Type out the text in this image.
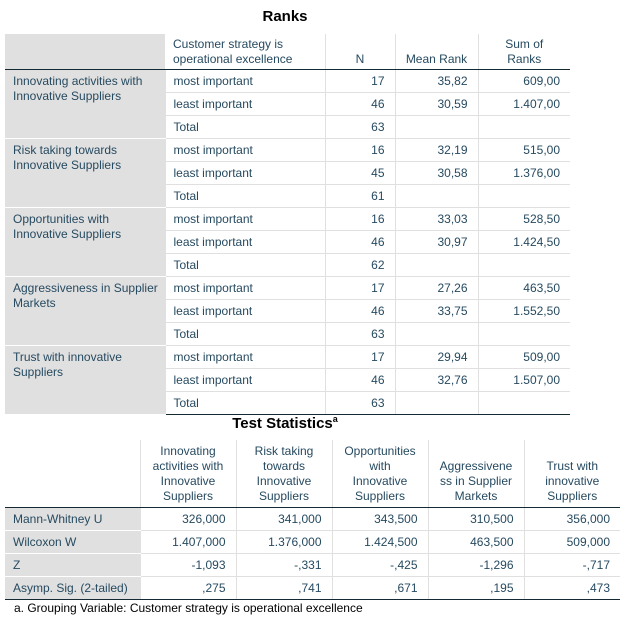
Ranks
	Customer strategy is
operational excellence	N	Mean Rank	Sum of
Ranks
Innovating activities with Innovative Suppliers	most important	17	35,82	609,00
	least important	46	30,59	1.407,00
	Total	63		
Risk taking towards Innovative Suppliers	most important	16	32,19	515,00
	least important	45	30,58	1.376,00
	Total	61		
Opportunities with Innovative Suppliers	most important	16	33,03	528,50
	least important	46	30,97	1.424,50
	Total	62		
Aggressiveness in Supplier Markets	most important	17	27,26	463,50
	least important	46	33,75	1.552,50
	Total	63		
Trust with innovative Suppliers	most important	17	29,94	509,00
	least important	46	32,76	1.507,00
	Total	63		
Test Statistics$^a$
	Innovating
activities with
Innovative
Suppliers	Risk taking
towards
Innovative
Suppliers	Opportunities
with
Innovative
Suppliers	Aggressivene
ss in Supplier
Markets	Trust with
innovative
Suppliers
Mann-Whitney U	326,000	341,000	343,500	310,500	356,000
Wilcoxon W	1.407,000	1.376,000	1.424,500	463,500	509,000
Z	-1,093	-,331	-,425	-1,296	-,717
Asymp. Sig. (2-tailed)	,275	,741	,671	,195	,473
a. Grouping Variable: Customer strategy is operational excellence
